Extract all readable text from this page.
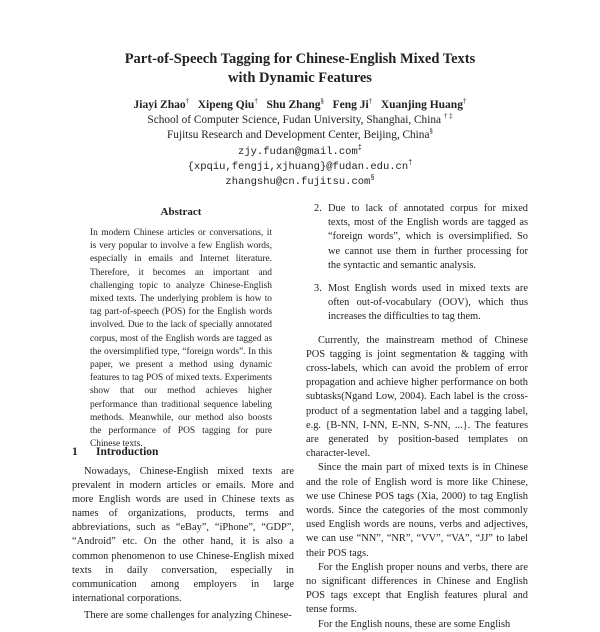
Part-of-Speech Tagging for Chinese-English Mixed Texts
with Dynamic Features
Jiayi Zhao† Xipeng Qiu† Shu Zhang§ Feng Ji† Xuanjing Huang†
School of Computer Science, Fudan University, Shanghai, China † ‡
Fujitsu Research and Development Center, Beijing, China§
zjy.fudan@gmail.com‡
{xpqiu,fengji,xjhuang}@fudan.edu.cn†
zhangshu@cn.fujitsu.com§
Abstract
In modern Chinese articles or conversations, it is very popular to involve a few English words, especially in emails and Internet literature. Therefore, it becomes an important and challenging topic to analyze Chinese-English mixed texts. The underlying problem is how to tag part-of-speech (POS) for the English words involved. Due to the lack of specially annotated corpus, most of the English words are tagged as the oversimplified type, “foreign words”. In this paper, we present a method using dynamic features to tag POS of mixed texts. Experiments show that our method achieves higher performance than traditional sequence labeling methods. Meanwhile, our method also boosts the performance of POS tagging for pure Chinese texts.
1 Introduction

Nowadays, Chinese-English mixed texts are prevalent in modern articles or emails. More and more English words are used in Chinese texts as names of organizations, products, terms and abbreviations, such as “eBay”, “iPhone”, “GDP”, “Android” etc. On the other hand, it is also a common phenomenon to use Chinese-English mixed texts in daily conversation, especially in communication among employers in large international corporations.

There are some challenges for analyzing Chinese-

2. Due to lack of annotated corpus for mixed texts, most of the English words are tagged as “foreign words”, which is oversimplified. So we cannot use them in further processing for the syntactic and semantic analysis.
3. Most English words used in mixed texts are often out-of-vocabulary (OOV), which thus increases the difficulties to tag them.

Currently, the mainstream method of Chinese POS tagging is joint segmentation & tagging with cross-labels, which can avoid the problem of error propagation and achieve higher performance on both subtasks(Ngand Low, 2004). Each label is the cross-product of a segmentation label and a tagging label, e.g. {B-NN, I-NN, E-NN, S-NN, ...}. The features are generated by position-based templates on character-level.

Since the main part of mixed texts is in Chinese and the role of English word is more like Chinese, we use Chinese POS tags (Xia, 2000) to tag English words. Since the categories of the most commonly used English words are nouns, verbs and adjectives, we can use “NN”, “NR”, “VV”, “VA”, “JJ” to label their POS tags.

For the English proper nouns and verbs, there are no significant differences in Chinese and English POS tags except that English features plural and tense forms.

For the English nouns, these are some English
